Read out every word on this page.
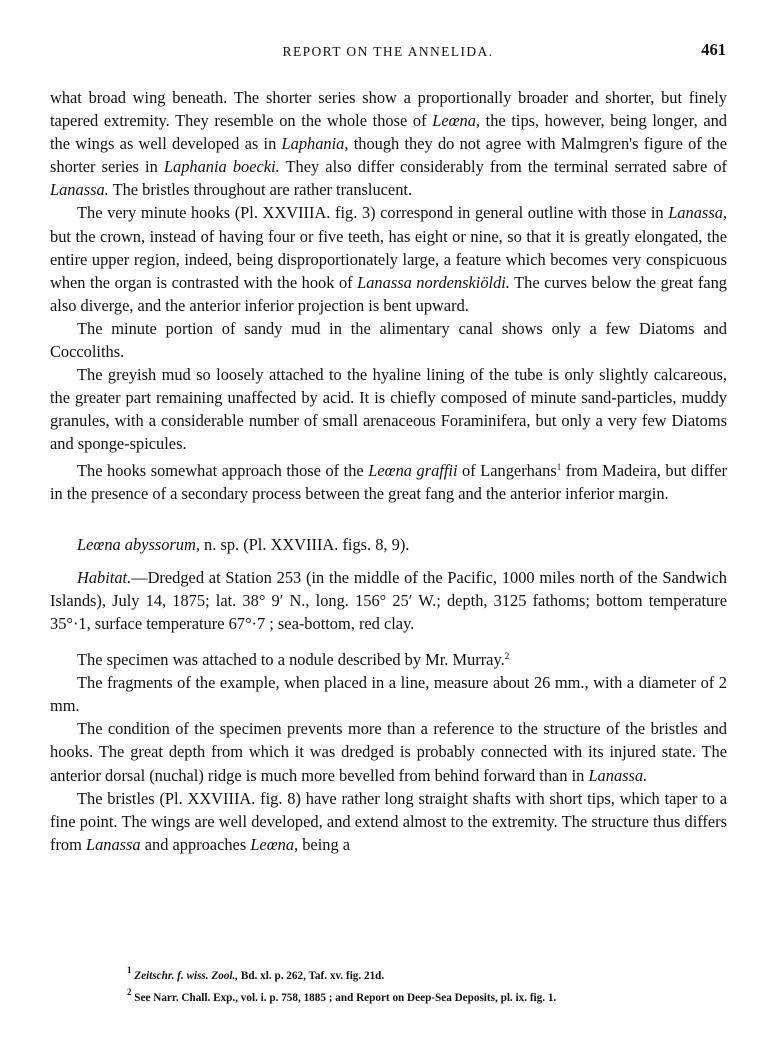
REPORT ON THE ANNELIDA.	461

what broad wing beneath. The shorter series show a proportionally broader and shorter, but finely tapered extremity. They resemble on the whole those of Leœna, the tips, however, being longer, and the wings as well developed as in Laphania, though they do not agree with Malmgren's figure of the shorter series in Laphania boecki. They also differ considerably from the terminal serrated sabre of Lanassa. The bristles throughout are rather translucent.

The very minute hooks (Pl. XXVIIIA. fig. 3) correspond in general outline with those in Lanassa, but the crown, instead of having four or five teeth, has eight or nine, so that it is greatly elongated, the entire upper region, indeed, being disproportionately large, a feature which becomes very conspicuous when the organ is contrasted with the hook of Lanassa nordenskiöldi. The curves below the great fang also diverge, and the anterior inferior projection is bent upward.

The minute portion of sandy mud in the alimentary canal shows only a few Diatoms and Coccoliths.

The greyish mud so loosely attached to the hyaline lining of the tube is only slightly calcareous, the greater part remaining unaffected by acid. It is chiefly composed of minute sand-particles, muddy granules, with a considerable number of small arenaceous Foraminifera, but only a very few Diatoms and sponge-spicules.

The hooks somewhat approach those of the Leœna graffii of Langerhans$^1$ from Madeira, but differ in the presence of a secondary process between the great fang and the anterior inferior margin.

Leœna abyssorum, n. sp. (Pl. XXVIIIA. figs. 8, 9).

Habitat.—Dredged at Station 253 (in the middle of the Pacific, 1000 miles north of the Sandwich Islands), July 14, 1875; lat. 38° 9′ N., long. 156° 25′ W.; depth, 3125 fathoms; bottom temperature 35°·1, surface temperature 67°·7 ; sea-bottom, red clay.

The specimen was attached to a nodule described by Mr. Murray.$^2$

The fragments of the example, when placed in a line, measure about 26 mm., with a diameter of 2 mm.

The condition of the specimen prevents more than a reference to the structure of the bristles and hooks. The great depth from which it was dredged is probably connected with its injured state. The anterior dorsal (nuchal) ridge is much more bevelled from behind forward than in Lanassa.

The bristles (Pl. XXVIIIA. fig. 8) have rather long straight shafts with short tips, which taper to a fine point. The wings are well developed, and extend almost to the extremity. The structure thus differs from Lanassa and approaches Leœna, being a

$^1$ Zeitschr. f. wiss. Zool., Bd. xl. p. 262, Taf. xv. fig. 21d.

$^2$ See Narr. Chall. Exp., vol. i. p. 758, 1885 ; and Report on Deep-Sea Deposits, pl. ix. fig. 1.
